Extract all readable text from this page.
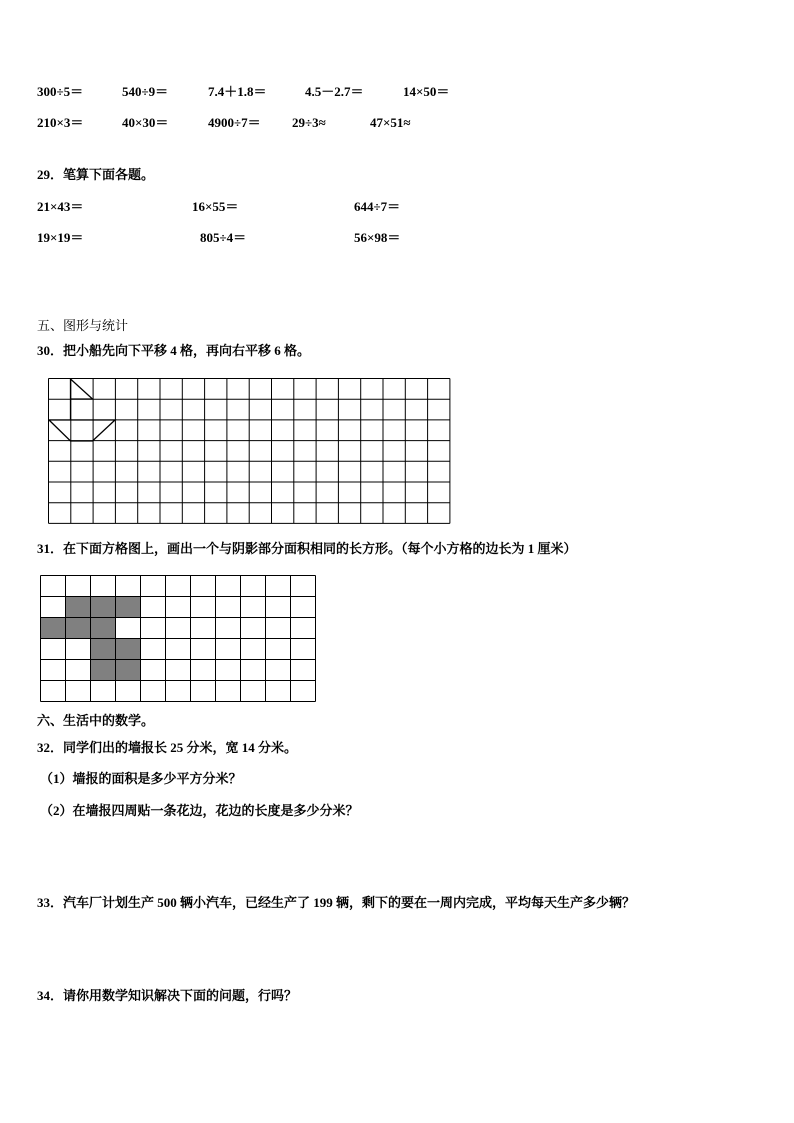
300÷5＝	540÷9＝	7.4＋1.8＝	4.5－2.7＝	14×50＝
210×3＝	40×30＝	4900÷7＝ 29÷3≈	47×51≈
29．笔算下面各题。
21×43＝	16×55＝	644÷7＝
19×19＝	805÷4＝	56×98＝
五、图形与统计
30．把小船先向下平移 4 格，再向右平移 6 格。
31．在下面方格图上，画出一个与阴影部分面积相同的长方形。（每个小方格的边长为 1 厘米）
六、生活中的数学。
32．同学们出的墙报长 25 分米，宽 14 分米。
（1）墙报的面积是多少平方分米？
（2）在墙报四周贴一条花边，花边的长度是多少分米？
33．汽车厂计划生产 500 辆小汽车，已经生产了 199 辆，剩下的要在一周内完成，平均每天生产多少辆？
34．请你用数学知识解决下面的问题，行吗？
